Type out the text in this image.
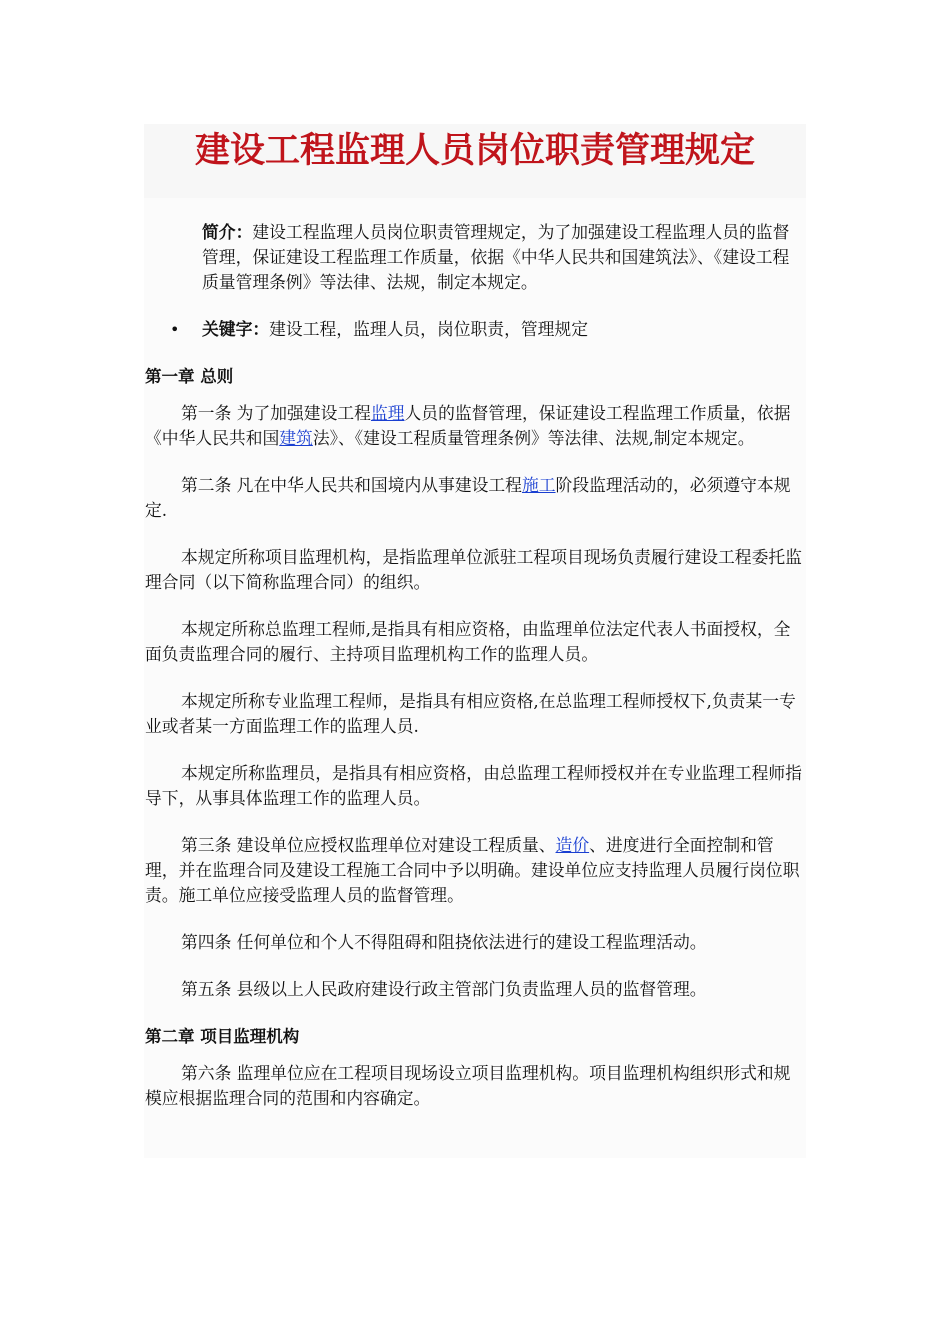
建设工程监理人员岗位职责管理规定

简介：建设工程监理人员岗位职责管理规定，为了加强建设工程监理人员的监督管理，保证建设工程监理工作质量，依据《中华人民共和国建筑法》、《建设工程质量管理条例》等法律、法规，制定本规定。

• 关键字：建设工程，监理人员，岗位职责，管理规定

第一章 总则

第一条 为了加强建设工程监理人员的监督管理，保证建设工程监理工作质量，依据《中华人民共和国建筑法》、《建设工程质量管理条例》等法律、法规,制定本规定。

第二条 凡在中华人民共和国境内从事建设工程施工阶段监理活动的，必须遵守本规定.

本规定所称项目监理机构，是指监理单位派驻工程项目现场负责履行建设工程委托监理合同（以下简称监理合同）的组织。

本规定所称总监理工程师,是指具有相应资格，由监理单位法定代表人书面授权，全面负责监理合同的履行、主持项目监理机构工作的监理人员。

本规定所称专业监理工程师，是指具有相应资格,在总监理工程师授权下,负责某一专业或者某一方面监理工作的监理人员.

本规定所称监理员，是指具有相应资格，由总监理工程师授权并在专业监理工程师指导下，从事具体监理工作的监理人员。

第三条 建设单位应授权监理单位对建设工程质量、造价、进度进行全面控制和管理，并在监理合同及建设工程施工合同中予以明确。建设单位应支持监理人员履行岗位职责。施工单位应接受监理人员的监督管理。

第四条 任何单位和个人不得阻碍和阻挠依法进行的建设工程监理活动。

第五条 县级以上人民政府建设行政主管部门负责监理人员的监督管理。

第二章 项目监理机构

第六条 监理单位应在工程项目现场设立项目监理机构。项目监理机构组织形式和规模应根据监理合同的范围和内容确定。
